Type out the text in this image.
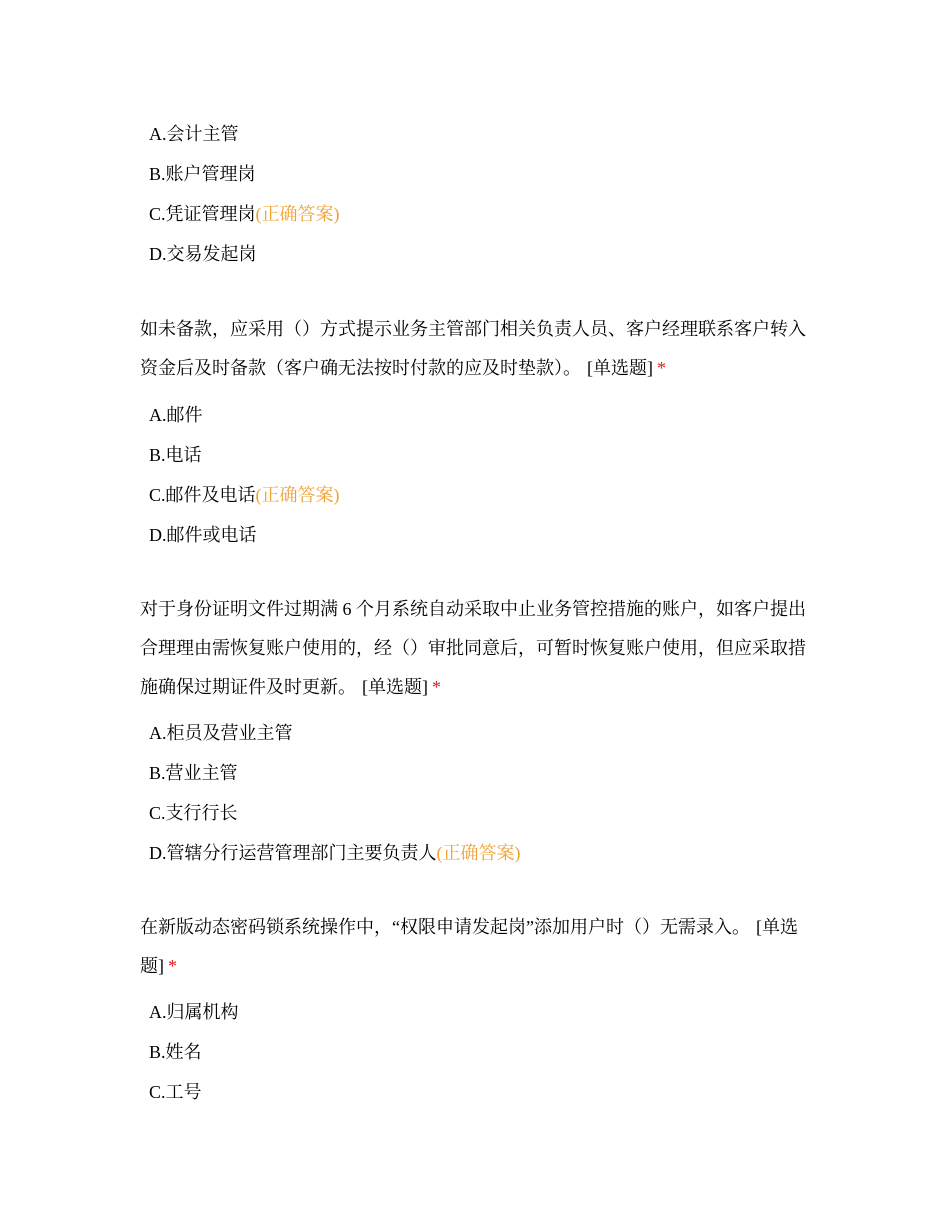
A.会计主管
B.账户管理岗
C.凭证管理岗(正确答案)
D.交易发起岗

如未备款，应采用（）方式提示业务主管部门相关负责人员、客户经理联系客户转入资金后及时备款（客户确无法按时付款的应及时垫款）。 [单选题] *

A.邮件
B.电话
C.邮件及电话(正确答案)
D.邮件或电话

对于身份证明文件过期满 6 个月系统自动采取中止业务管控措施的账户，如客户提出合理理由需恢复账户使用的，经（）审批同意后，可暂时恢复账户使用，但应采取措施确保过期证件及时更新。 [单选题] *

A.柜员及营业主管
B.营业主管
C.支行行长
D.管辖分行运营管理部门主要负责人(正确答案)

在新版动态密码锁系统操作中，“权限申请发起岗”添加用户时（）无需录入。 [单选题] *

A.归属机构
B.姓名
C.工号
